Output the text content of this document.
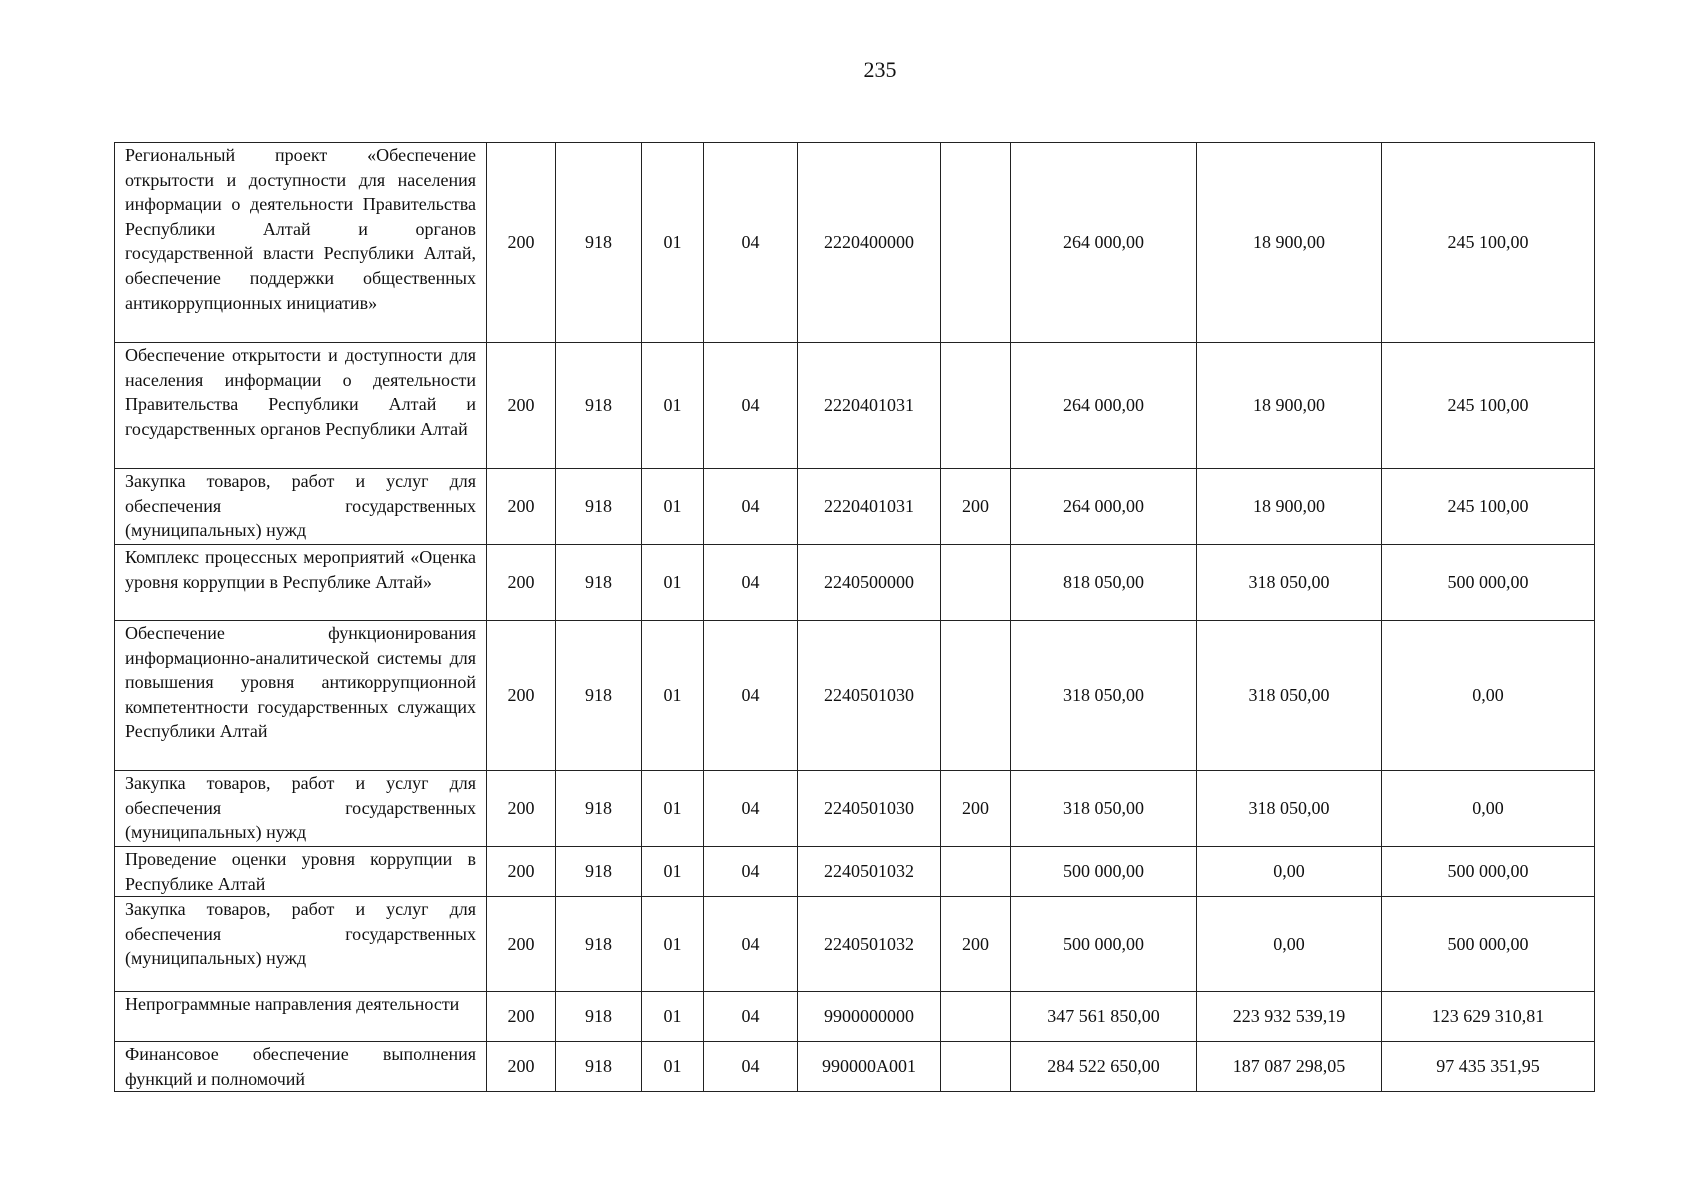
235
Региональный проект «Обеспечение открытости и доступности для населения информации о деятельности Правительства Республики Алтай и органов государственной власти Республики Алтай, обеспечение поддержки общественных антикоррупционных инициатив»	200	918	01	04	2220400000		264 000,00	18 900,00	245 100,00
Обеспечение открытости и доступности для населения информации о деятельности Правительства Республики Алтай и государственных органов Республики Алтай	200	918	01	04	2220401031		264 000,00	18 900,00	245 100,00
Закупка товаров, работ и услуг для обеспечения государственных (муниципальных) нужд	200	918	01	04	2220401031	200	264 000,00	18 900,00	245 100,00
Комплекс процессных мероприятий «Оценка уровня коррупции в Республике Алтай»	200	918	01	04	2240500000		818 050,00	318 050,00	500 000,00
Обеспечение функционирования информационно-аналитической системы для повышения уровня антикоррупционной компетентности государственных служащих Республики Алтай	200	918	01	04	2240501030		318 050,00	318 050,00	0,00
Закупка товаров, работ и услуг для обеспечения государственных (муниципальных) нужд	200	918	01	04	2240501030	200	318 050,00	318 050,00	0,00
Проведение оценки уровня коррупции в Республике Алтай	200	918	01	04	2240501032		500 000,00	0,00	500 000,00
Закупка товаров, работ и услуг для обеспечения государственных (муниципальных) нужд	200	918	01	04	2240501032	200	500 000,00	0,00	500 000,00
Непрограммные направления деятельности	200	918	01	04	9900000000		347 561 850,00	223 932 539,19	123 629 310,81
Финансовое обеспечение выполнения функций и полномочий	200	918	01	04	990000А001		284 522 650,00	187 087 298,05	97 435 351,95
